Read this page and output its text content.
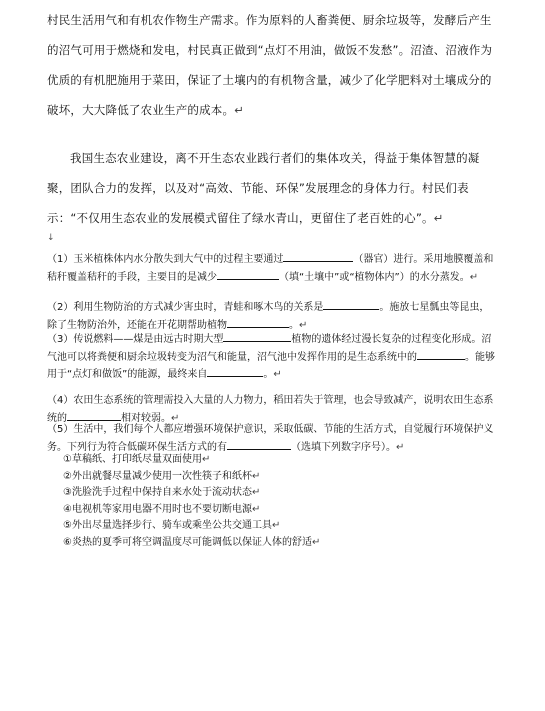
村民生活用气和有机农作物生产需求。作为原料的人畜粪便、厨余垃圾等，发酵后产生的沼气可用于燃烧和发电，村民真正做到“点灯不用油，做饭不发愁”。沼渣、沼液作为优质的有机肥施用于菜田，保证了土壤内的有机物含量，减少了化学肥料对土壤成分的破坏，大大降低了农业生产的成本。↵
我国生态农业建设，离不开生态农业践行者们的集体攻关，得益于集体智慧的凝聚，团队合力的发挥，以及对“高效、节能、环保”发展理念的身体力行。村民们表示：“不仅用生态农业的发展模式留住了绿水青山，更留住了老百姓的心”。↵
↓
（1）玉米植株体内水分散失到大气中的过程主要通过	（器官）进行。采用地膜覆盖和秸秆覆盖秸秆的手段，主要目的是减少	（填“土壤中”或“植物体内”）的水分蒸发。↵
（2）利用生物防治的方式减少害虫时，青蛙和啄木鸟的关系是	。施放七星瓢虫等昆虫，除了生物防治外，还能在开花期帮助植物	。↵
（3）传说燃料——煤是由远古时期大型	植物的遗体经过漫长复杂的过程变化形成。沼气池可以将粪便和厨余垃圾转变为沼气和能量，沼气池中发挥作用的是生态系统中的	。能够用于“点灯和做饭”的能源，最终来自	。↵
（4）农田生态系统的管理需投入大量的人力物力，稻田若失于管理，也会导致减产，说明农田生态系统的	相对较弱。↵
（5）生活中，我们每个人都应增强环境保护意识，采取低碳、节能的生活方式，自觉履行环境保护义务。下列行为符合低碳环保生活方式的有	（选填下列数字序号）。↵
①草稿纸、打印纸尽量双面使用↵
②外出就餐尽量减少使用一次性筷子和纸杯↵
③洗脸洗手过程中保持自来水处于流动状态↵
④电视机等家用电器不用时也不要切断电源↵
⑤外出尽量选择步行、骑车或乘坐公共交通工具↵
⑥炎热的夏季可将空调温度尽可能调低以保证人体的舒适↵
